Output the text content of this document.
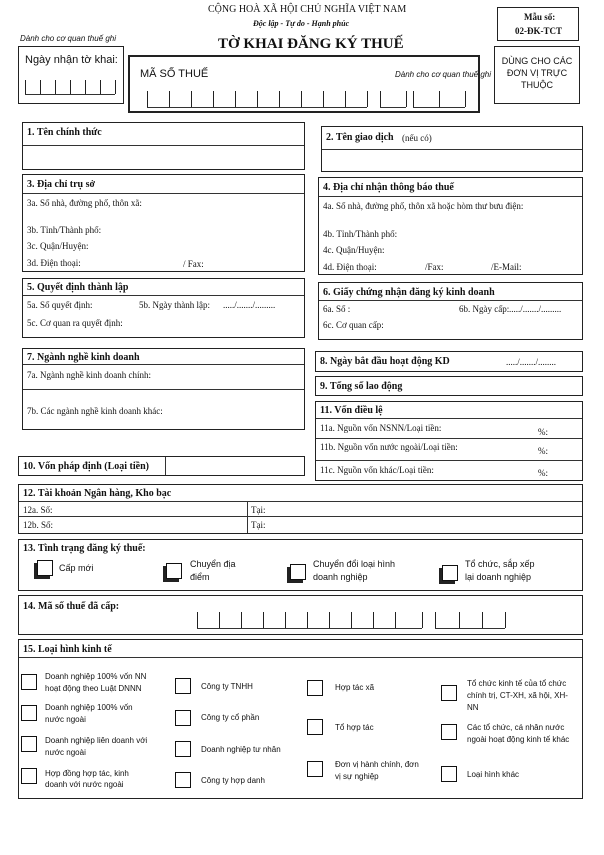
CỘNG HOÀ XÃ HỘI CHỦ NGHĨA VIỆT NAM
Độc lập - Tự do - Hạnh phúc
Mẫu số:
02-ĐK-TCT
TỜ KHAI ĐĂNG KÝ THUẾ
Dành cho cơ quan thuế ghi
Ngày nhận tờ khai:
MÃ SỐ THUẾ	Dành cho cơ quan thuế ghi
DÙNG CHO CÁC
ĐƠN VỊ TRỰC
THUỘC
1. Tên chính thức	2. Tên giao dịch (nếu có)
3. Địa chỉ trụ sở
3a. Số nhà, đường phố, thôn xã:
3b. Tỉnh/Thành phố:
3c. Quận/Huyện:
3d. Điện thoại:	/ Fax:
4. Địa chỉ nhận thông báo thuế
4a. Số nhà, đường phố, thôn xã hoặc hòm thư bưu điện:
4b. Tỉnh/Thành phố:
4c. Quận/Huyện:
4d. Điện thoại:	/Fax:	/E-Mail:
5. Quyết định thành lập
5a. Số quyết định:	5b. Ngày thành lập: ...../......./.........
5c. Cơ quan ra quyết định:
6. Giấy chứng nhận đăng ký kinh doanh
6a. Số :	6b. Ngày cấp: ...../......./.........
6c. Cơ quan cấp:
7. Ngành nghề kinh doanh
7a. Ngành nghề kinh doanh chính:
7b. Các ngành nghề kinh doanh khác:
8. Ngày bắt đầu hoạt động KD	...../......./........
9. Tổng số lao động
10. Vốn pháp định (Loại tiền)
11. Vốn điều lệ
11a. Nguồn vốn NSNN/Loại tiền:	%:
11b. Nguồn vốn nước ngoài/Loại tiền:	%:
11c. Nguồn vốn khác/Loại tiền:	%:
12. Tài khoản Ngân hàng, Kho bạc
12a. Số:	Tại:
12b. Số:	Tại:
13. Tình trạng đăng ký thuế:
Cấp mới	Chuyển địa
điểm
Chuyển đổi loại hình
doanh nghiệp
Tổ chức, sắp xếp
lại doanh nghiệp
14. Mã số thuế đã cấp:
15. Loại hình kinh tế
Doanh nghiệp 100% vốn NN
hoạt động theo Luật DNNN
Doanh nghiệp 100% vốn
nước ngoài
Doanh nghiệp liên doanh với
nước ngoài
Hợp đồng hợp tác, kinh
doanh với nước ngoài
Công ty TNHH
Công ty cổ phần
Doanh nghiệp tư nhân
Công ty hợp danh
Hợp tác xã
Tổ hợp tác
Đơn vị hành chính, đơn
vị sự nghiệp
Tổ chức kinh tế của tổ chức
chính trị, CT-XH, xã hội, XH-
NN
Các tổ chức, cá nhân nước
ngoài hoạt động kinh tế khác
Loại hình khác
